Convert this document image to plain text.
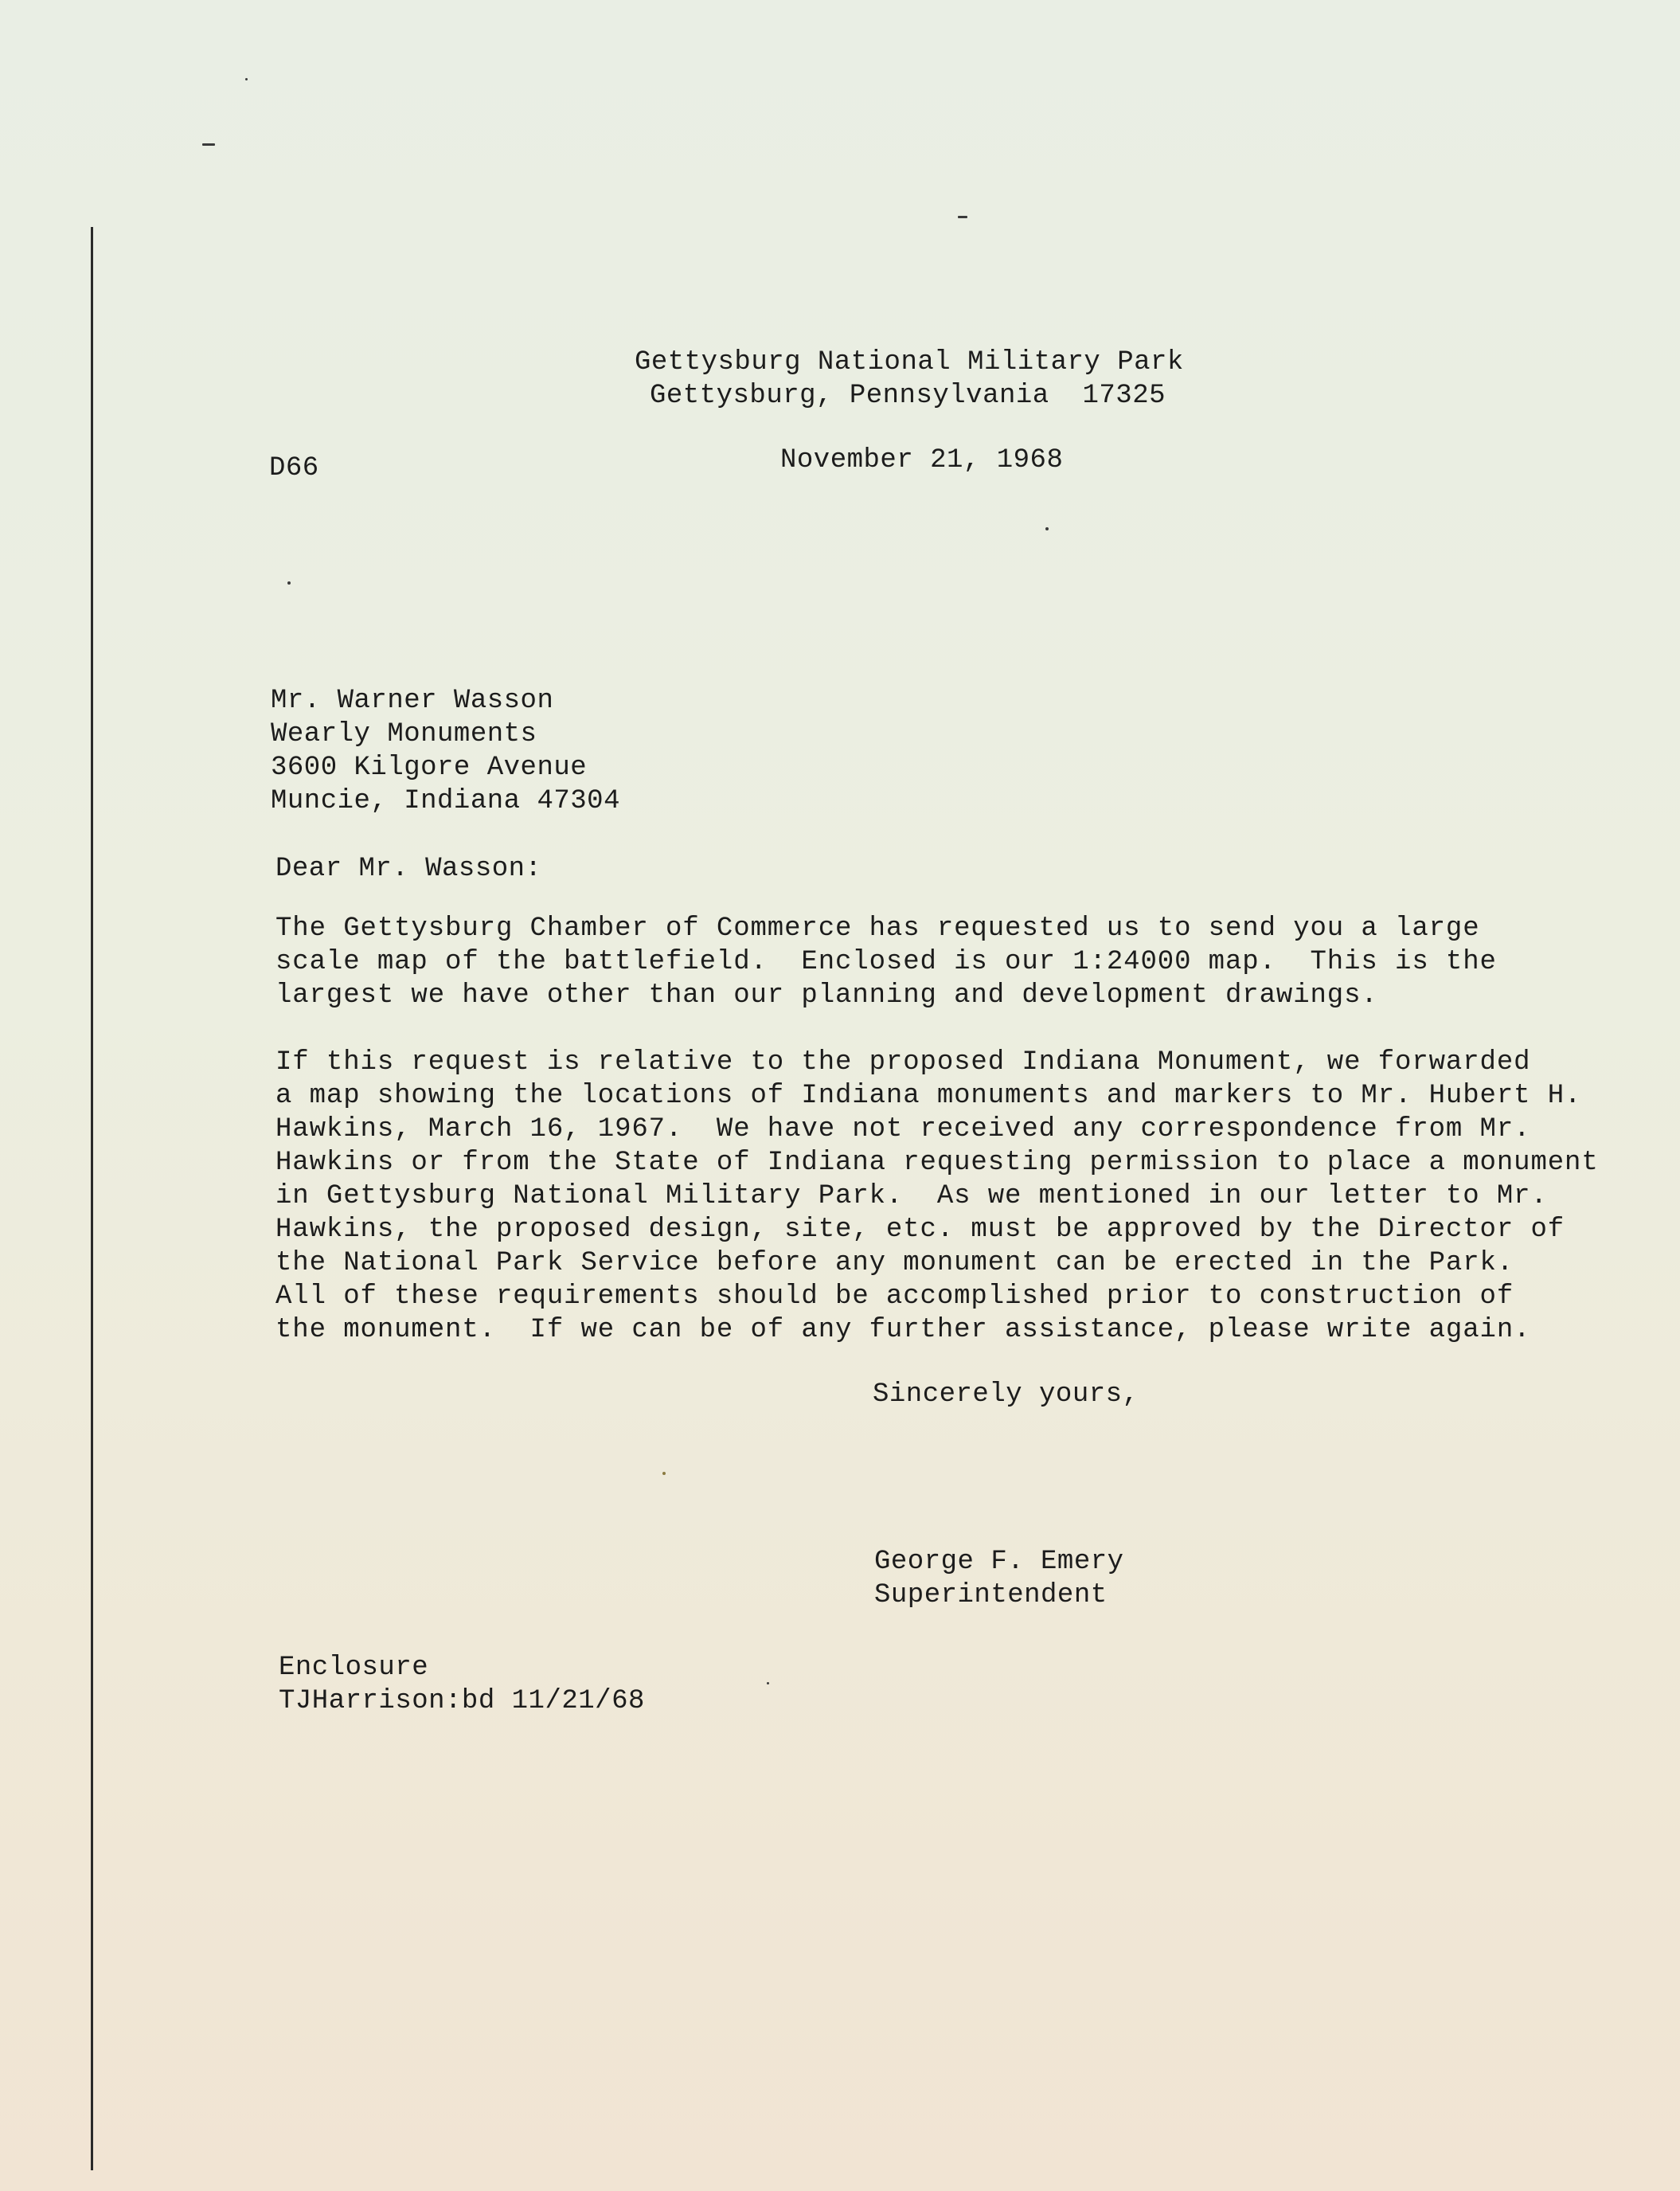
Gettysburg National Military Park
Gettysburg, Pennsylvania  17325
D66	November 21, 1968
Mr. Warner Wasson
Wearly Monuments
3600 Kilgore Avenue
Muncie, Indiana 47304
Dear Mr. Wasson:
The Gettysburg Chamber of Commerce has requested us to send you a large
scale map of the battlefield.  Enclosed is our 1:24000 map.  This is the
largest we have other than our planning and development drawings.
If this request is relative to the proposed Indiana Monument, we forwarded
a map showing the locations of Indiana monuments and markers to Mr. Hubert H.
Hawkins, March 16, 1967.  We have not received any correspondence from Mr.
Hawkins or from the State of Indiana requesting permission to place a monument
in Gettysburg National Military Park.  As we mentioned in our letter to Mr.
Hawkins, the proposed design, site, etc. must be approved by the Director of
the National Park Service before any monument can be erected in the Park.
All of these requirements should be accomplished prior to construction of
the monument.  If we can be of any further assistance, please write again.
Sincerely yours,
George F. Emery
Superintendent
Enclosure
TJHarrison:bd 11/21/68
